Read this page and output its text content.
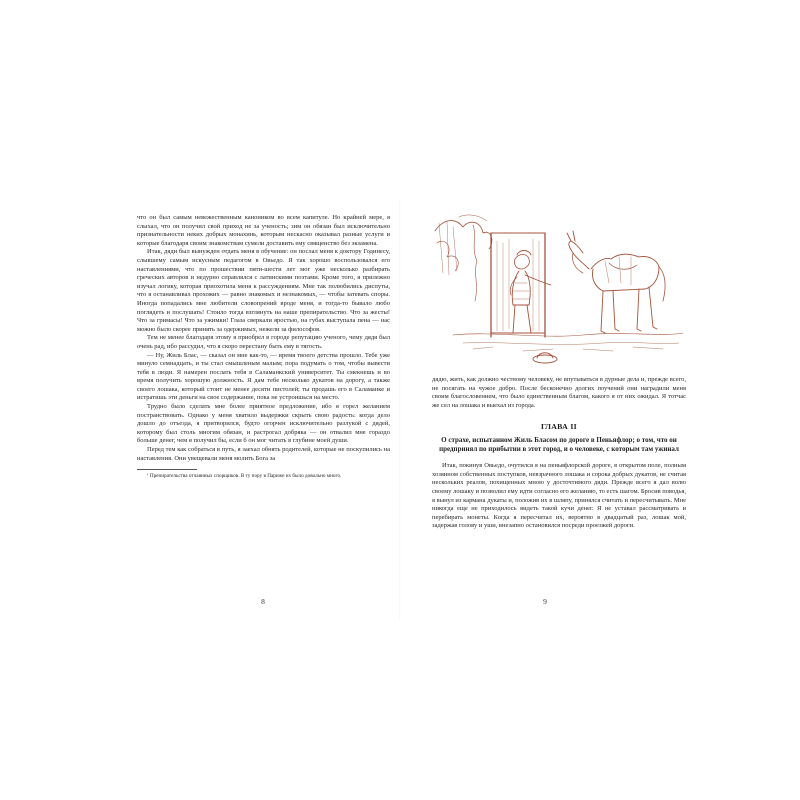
что он был самым невежественным каноником во всем капитуле. Но крайней мере, я слыхал, что он получил свой приход не за ученость; зим он обязан был исключительно признательности неких добрых монахинь, которым нескасно оказывал разные услуги и которые благодаря своим знакомствам сумели доставить ему священство без экзамена.

Итак, дяди был вынужден отдать меня в обучение: он послал меня к доктору Годинесу, слывшему самым искусным педагогом в Овьедо. Я так хорошо воспользовался его наставлениями, что по прошествии пяти-шести лет мог уже несколько разбирать греческих авторов и недурно справлялся с латинскими поэтами. Кроме того, я прилежно изучал логику, которая приохотила меня к рассуждениям. Мне так полюбились диспуты, что я останавливал прохожих — равно знакомых и незнакомых, — чтобы затевать споры. Иногда попадались мне любители словопрений вроде меня, и тогда-то бывало любо поглядеть и послушать! Стоило тогда взглянуть на наше препирательство. Что за жесты! Что за гримасы! Что за ужимки! Глаза сверкали яростью, на губах выступала пена — нас можно было скорее принять за одержимых, нежели за философов.

Тем не менее благодаря этому я приобрел в городе репутацию ученого, чему дядя был очень рад, ибо рассудил, что я скоро перестану быть ему в тягость.

— Ну, Жиль Блас, — сказал он мне как-то, — время твоего детства прошло. Тебе уже минуло семнадцать, и ты стал смышленым малым; пора подумать о том, чтобы вывести тебя в люди. Я намерен послать тебя в Саламанкский университет. Ты смекнешь и во время получить хорошую должность. Я дам тебе несколько дукатов на дорогу, а также своего лошака, который стоит не менее десяти пистолей; ты продашь его в Саламанке и истратишь эти деньги на свое содержание, пока не устроишься на место.

Трудно было сделать мне более приятное предложение, ибо я горел желанием постранствовать. Однако у меня хватило выдержки скрыть свою радость: когда дело дошло до отъезда, я притворился, будто огорчен исключительно разлукой с дядей, которому был столь многим обязан, и растрогал добряка — он отвалил мне гораздо больше денег, чем я получил бы, если б он мог читать в глубине моей души.

Перед тем как собраться в путь, я заехал обнять родителей, которые не поскупились на наставления. Они увещевали меня молить Бога за

¹ Препирательства отчаянных спорщиков. В ту пору в Париже их было довольно много.

8

дядю, жить, как должно честному человеку, не впутываться в дурные дела и, прежде всего, не посягать на чужое добро. После бесконечно долгих поучений они наградили меня своим благословением, что было единственным благом, какого я от них ожидал. Я тотчас же сел на лошака и выехал из города.

ГЛАВА II
О страхе, испытанном Жиль Бласом по дороге в Пеньяфлор; о том, что он предпринял по прибытии в этот город, и о человеке, с которым там ужинал

Итак, покинув Овьедо, очутился я на пеньяфлорской дороге, в открытом поле, полным хозяином собственных поступков, невзрачного лошака и сорока добрых дукатов, не считая нескольких реалов, похищенных мною у досточтимого дяди. Прежде всего я дал волю своему лошаку и позволил ему идти согласно его желанию, то есть шагом. Бросив поводья, я вынул из кармана дукаты и, положив их в шляпу, принялся считать и пересчитывать. Мне никогда еще не приходилось видеть такой кучи денег. Я не уставал рассматривать и перебирать монеты. Когда я пересчитал их, вероятно в двадцатый раз, лошак мой, задержав голову и уши, внезапно остановился посреди проезжей дороги.

9
